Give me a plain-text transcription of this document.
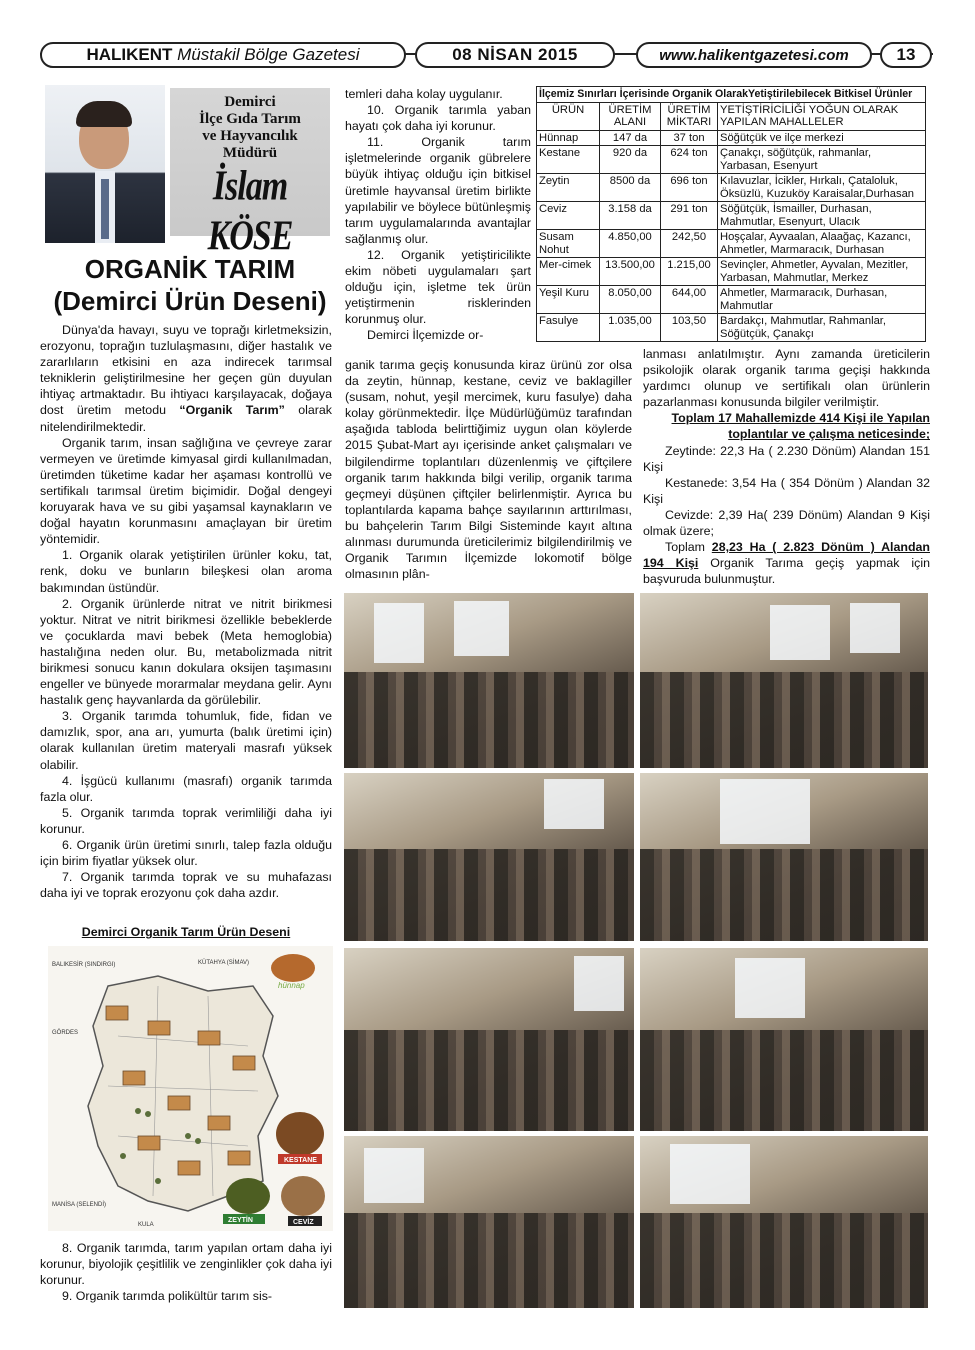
HALIKENT Müstakil Bölge Gazetesi	08 NİSAN 2015	www.halikentgazetesi.com	13
Demirci
İlçe Gıda Tarım
ve Hayvancılık
Müdürü
İslam KÖSE
ORGANİK TARIM
(Demirci Ürün Deseni)

Dünya'da havayı, suyu ve toprağı kirletmeksizin, erozyonu, toprağın tuzlulaşmasını, diğer hastalık ve zararlıların etkisini en aza indirecek tarımsal tekniklerin geliştirilmesine her geçen gün duyulan ihtiyaç artmaktadır. Bu ihtiyacı karşılayacak, doğaya dost üretim metodu “Organik Tarım” olarak nitelendirilmektedir.

Organik tarım, insan sağlığına ve çevreye zarar vermeyen ve üretimde kimyasal girdi kullanılmadan, üretimden tüketime kadar her aşaması kontrollü ve sertifikalı tarımsal üretim biçimidir. Doğal dengeyi koruyarak hava ve su gibi yaşamsal kaynakların ve doğal hayatın korunmasını amaçlayan bir üretim yöntemidir.

1. Organik olarak yetiştirilen ürünler koku, tat, renk, doku ve bunların bileşkesi olan aroma bakımından üstündür.

2. Organik ürünlerde nitrat ve nitrit birikmesi yoktur. Nitrat ve nitrit birikmesi özellikle bebeklerde ve çocuklarda mavi bebek (Meta hemoglobia) hastalığına neden olur. Bu, metabolizmada nitrit birikmesi sonucu kanın dokulara oksijen taşımasını engeller ve bünyede morarmalar meydana gelir. Aynı hastalık genç hayvanlarda da görülebilir.

3. Organik tarımda tohumluk, fide, fidan ve damızlık, spor, ana arı, yumurta (balık üretimi için) olarak kullanılan üretim materyali masrafı yüksek olabilir.

4. İşgücü kullanımı (masrafı) organik tarımda fazla olur.

5. Organik tarımda toprak verimliliği daha iyi korunur.

6. Organik ürün üretimi sınırlı, talep fazla olduğu için birim fiyatlar yüksek olur.

7. Organik tarımda toprak ve su muhafazası daha iyi ve toprak erozyonu çok daha azdır.

Demirci Organik Tarım Ürün Deseni
hünnap
KESTANE
ZEYTİN	CEVİZ
BALIKESİR (SINDIRGI)	KÜTAHYA (SİMAV)
GÖRDES
MANİSA (SELENDİ)
KULA

8. Organik tarımda, tarım yapılan ortam daha iyi korunur, biyolojik çeşitlilik ve zenginlikler çok daha iyi korunur.

9. Organik tarımda polikültür tarım sis-

temleri daha kolay uygulanır.

10. Organik tarımla yaban hayatı çok daha iyi korunur.

11. Organik tarım işletmelerinde organik gübrelere büyük ihtiyaç olduğu için bitkisel üretimle hayvansal üretim birlikte yapılabilir ve böylece bütünleşmiş tarım uygulamalarında avantajlar sağlanmış olur.

12. Organik yetiştiricilikte ekim nöbeti uygulamaları şart olduğu için, işletme tek ürün yetiştirmenin risklerinden korunmuş olur.

Demirci İlçemizde or-

İlçemiz Sınırları İçerisinde Organik OlarakYetiştirilebilecek Bitkisel Ürünler
ÜRÜN	ÜRETİM ALANI	ÜRETİM MİKTARI	YETİŞTİRİCİLİĞİ YOĞUN OLARAK YAPILAN MAHALLELER
Hünnap	147 da	37 ton	Söğütçük ve ilçe merkezi
Kestane	920 da	624 ton	Çanakçı, söğütçük, rahmanlar, Yarbasan, Esenyurt
Zeytin	8500 da	696 ton	Kılavuzlar, İcikler, Hırkalı, Çataloluk, Öksüzlü, Kuzuköy Karaisalar,Durhasan
Ceviz	3.158 da	291 ton	Söğütçük, İsmailler, Durhasan, Mahmutlar, Esenyurt, Ulacık
Susam Nohut	4.850,00	242,50	Hoşçalar, Ayvaalan, Alaağaç, Kazancı, Ahmetler, Marmaracık, Durhasan
Mer-cimek	13.500,00	1.215,00	Sevinçler, Ahmetler, Ayvalan, Mezitler, Yarbasan, Mahmutlar, Merkez
Yeşil Kuru	8.050,00	644,00	Ahmetler, Marmaracık, Durhasan, Mahmutlar
Fasulye	1.035,00	103,50	Bardakçı, Mahmutlar, Rahmanlar, Söğütçük, Çanakçı

ganik tarıma geçiş konusunda kiraz ürünü zor olsa da zeytin, hünnap, kestane, ceviz ve baklagiller (susam, nohut, yeşil mercimek, kuru fasulye) daha kolay görünmektedir. İlçe Müdürlüğümüz tarafından aşağıda tabloda belirttiğimiz uygun olan köylerde 2015 Şubat-Mart ayı içerisinde anket çalışmaları ve bilgilendirme toplantıları düzenlenmiş ve çiftçilere organik tarım hakkında bilgi verilip, organik tarıma geçmeyi düşünen çiftçiler belirlenmiştir. Ayrıca bu toplantılarda kapama bahçe sayılarının arttırılması, bu bahçelerin Tarım Bilgi Sisteminde kayıt altına alınması durumunda üreticilerimiz bilgilendirilmiş ve Organik Tarımın İlçemizde lokomotif bölge olmasının plân-

lanması anlatılmıştır. Aynı zamanda üreticilerin psikolojik olarak organik tarıma geçişi hakkında yardımcı olunup ve sertifikalı olan ürünlerin pazarlanması konusunda bilgiler verilmiştir.

Toplam 17 Mahallemizde 414 Kişi ile Yapılan toplantılar ve çalışma neticesinde;

Zeytinde: 22,3 Ha ( 2.230 Dönüm) Alandan 151 Kişi

Kestanede: 3,54 Ha ( 354 Dönüm ) Alandan 32 Kişi

Cevizde: 2,39 Ha( 239 Dönüm) Alandan 9 Kişi olmak üzere;

Toplam 28,23 Ha ( 2.823 Dönüm ) Alandan 194 Kişi Organik Tarıma geçiş yapmak için başvuruda bulunmuştur.
